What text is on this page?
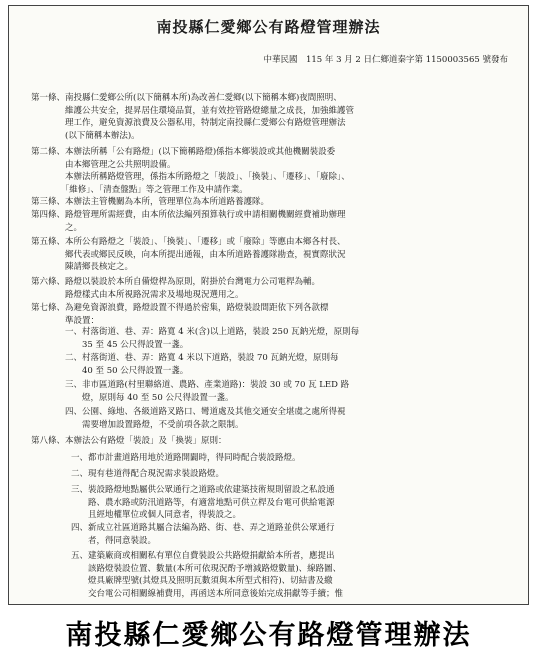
南投縣仁愛鄉公有路燈管理辦法
中華民國　115 年 3 月 2 日仁鄉道秦字第 1150003565 號發布
第一條、南投縣仁愛鄉公所(以下簡稱本所)為改善仁愛鄉(以下簡稱本鄉)夜間照明、
　　　　維護公共安全，提昇居住環境品質，並有效控管路燈總量之成長，加強維護管
　　　　理工作，避免資源浪費及公器私用，特制定南投縣仁愛鄉公有路燈管理辦法
　　　　(以下簡稱本辦法)。
第二條、本辦法所稱「公有路燈」(以下簡稱路燈)係指本鄉裝設或其他機關裝設委
　　　　由本鄉管理之公共照明設備。
　　　　本辦法所稱路燈管理，係指本所路燈之「裝設」、「換裝」、「遷移」、「廢除」、
　　　　「維修」、「清查盤點」等之管理工作及申請作業。
第三條、本辦法主管機關為本所，管理單位為本所道路養護隊。
第四條、路燈管理所需經費，由本所依法編列預算執行或申請相關機關經費補助辦理
　　　　之。
第五條、本所公有路燈之「裝設」、「換裝」、「遷移」或「廢除」等應由本鄉各村長、
　　　　鄉代表或鄉民反映，向本所提出通報，由本所道路養護隊勘查，視實際狀況
　　　　陳請鄉長核定之。
第六條、路燈以裝設於本所自備燈桿為原則，附掛於台灣電力公司電桿為輔。
　　　　路燈樣式由本所視路況需求及場地現況選用之。
第七條、為避免資源浪費，路燈設置不得過於密集，路燈裝設間距依下列各款標
　　　　準設置：
一、村落街道、巷、弄：路寬 4 米(含)以上道路，裝設 250 瓦鈉光燈，原則每
　　35 至 45 公尺得設置一盞。
二、村落街道、巷、弄：路寬 4 米以下道路，裝設 70 瓦鈉光燈，原則每
　　40 至 50 公尺得設置一盞。
三、非市區道路(村里聯絡道、農路、產業道路)：裝設 30 或 70 瓦 LED 路
　　燈，原則每 40 至 50 公尺得設置一盞。
四、公園、綠地、各級道路叉路口、彎道處及其他交通安全堪虞之處所得視
　　需要增加設置路燈，不受前項各款之限制。
第八條、本辦法公有路燈「裝設」及「換裝」原則：
一、都市計畫道路用地於道路開闢時，得同時配合裝設路燈。
二、現有巷道得配合現況需求裝設路燈。
三、裝設路燈地點屬供公眾通行之道路或依建築技術規則留設之私設通
　　路、農水路或防汛道路等，有適當地點可供立桿及台電可供給電源
　　且經地權單位或個人同意者，得裝設之。
四、新成立社區道路其屬合法編為路、街、巷、弄之道路並供公眾通行
　　者，得同意裝設。
五、建築廠商或相關私有單位自費裝設公共路燈捐獻給本所者，應提出
　　該路燈裝設位置、數量(本所可依現況酌予增減路燈數量)、線路圖、
　　燈具廠牌型號(其燈具及照明瓦數須與本所型式相符)、切結書及繳
　　交台電公司相關線補費用，再函送本所同意後始完成捐獻等手續；惟
南投縣仁愛鄉公有路燈管理辦法
